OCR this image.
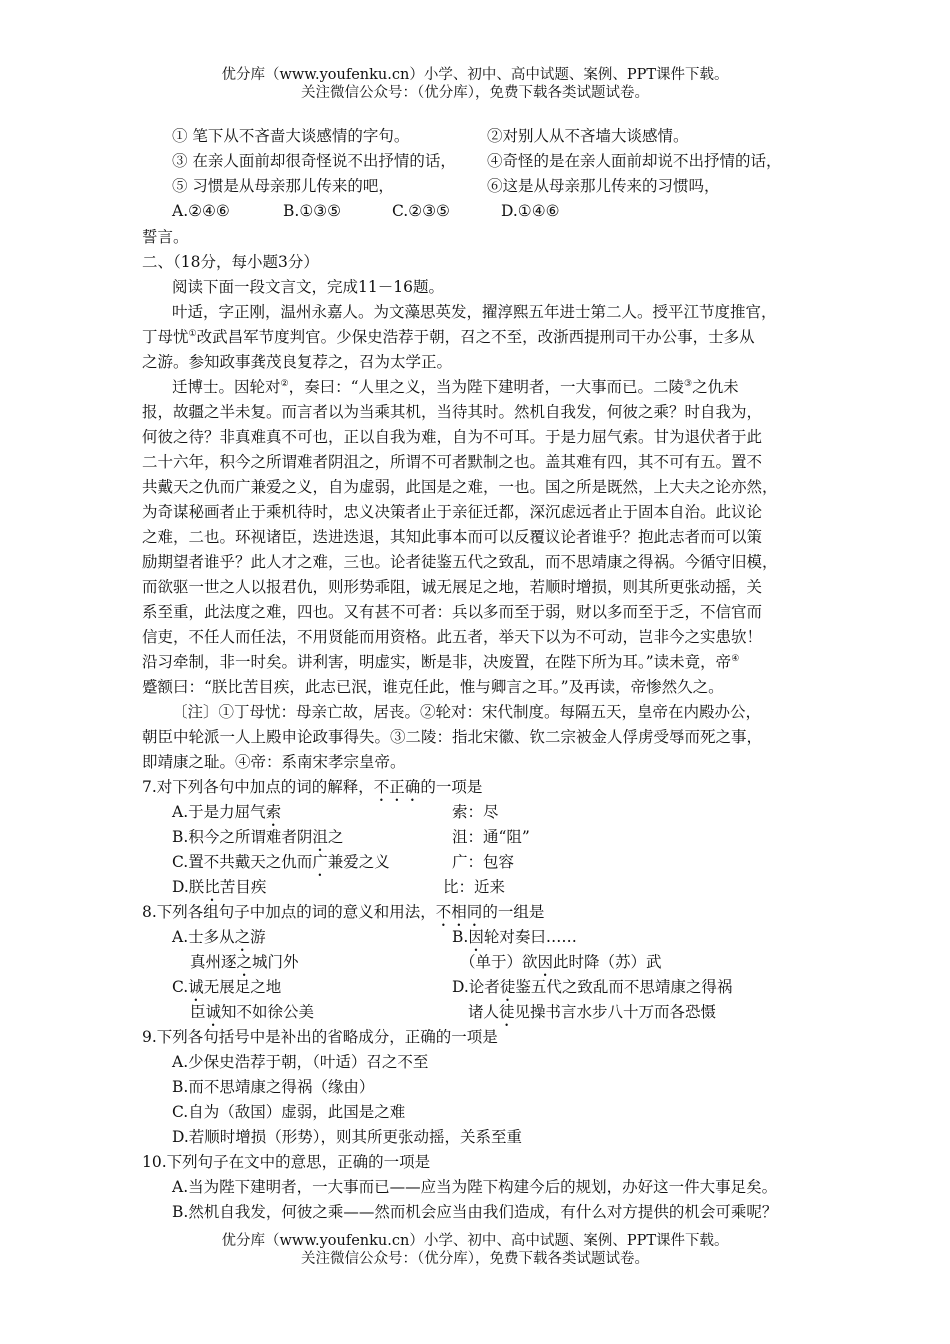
优分库（www.youfenku.cn）小学、初中、高中试题、案例、PPT课件下载。
关注微信公众号：（优分库），免费下载各类试题试卷。
① 笔下从不吝啬大谈感情的字句。	②对别人从不吝墙大谈感情。
③ 在亲人面前却很奇怪说不出抒情的话， ④奇怪的是在亲人面前却说不出抒情的话，
⑤ 习惯是从母亲那儿传来的吧，	⑥这是从母亲那儿传来的习惯吗，
A.②④⑥	B.①③⑤	C.②③⑤	D.①④⑥
誓言。
二、（18分，每小题3分）
阅读下面一段文言文，完成11－16题。
叶适，字正刚，温州永嘉人。为文藻思英发，擢淳熙五年进士第二人。授平江节度推官，
丁母忧①改武昌军节度判官。少保史浩荐于朝，召之不至，改浙西提刑司干办公事，士多从
之游。参知政事龚茂良复荐之，召为太学正。
迁博士。因轮对②，奏曰：“人里之义，当为陛下建明者，一大事而已。二陵③之仇未
报，故疆之半未复。而言者以为当乘其机，当待其时。然机自我发，何彼之乘？时自我为，
何彼之待？非真难真不可也，正以自我为难，自为不可耳。于是力屈气索。甘为退伏者于此
二十六年，积今之所谓难者阴沮之，所谓不可者默制之也。盖其难有四，其不可有五。置不
共戴天之仇而广兼爱之义，自为虚弱，此国是之难，一也。国之所是既然，上大夫之论亦然，
为奇谋秘画者止于乘机待时，忠义决策者止于亲征迁都，深沉虑远者止于固本自治。此议论
之难，二也。环视诸臣，迭进迭退，其知此事本而可以反覆议论者谁乎？抱此志者而可以策
励期望者谁乎？此人才之难，三也。论者徒鉴五代之致乱，而不思靖康之得祸。今循守旧模，
而欲驱一世之人以报君仇，则形势乖阻，诚无展足之地，若顺时增损，则其所更张动摇，关
系至重，此法度之难，四也。又有甚不可者：兵以多而至于弱，财以多而至于乏，不信官而
信吏，不任人而任法，不用贤能而用资格。此五者，举天下以为不可动，岂非今之实患欤！
沿习牵制，非一时矣。讲利害，明虚实，断是非，决废置，在陛下所为耳。”读未竟，帝④
蹙额曰：“朕比苦目疾，此志已泯，谁克任此，惟与卿言之耳。”及再读，帝惨然久之。
〔注〕①丁母忧：母亲亡故，居丧。②轮对：宋代制度。每隔五天，皇帝在内殿办公，
朝臣中轮派一人上殿申论政事得失。③二陵：指北宋徽、钦二宗被金人俘虏受辱而死之事，
即靖康之耻。④帝：系南宋孝宗皇帝。
7.对下列各句中加点的词的解释，不正确的一项是
A.于是力屈气索	索：尽
B.积今之所谓难者阴沮之	沮：通“阻”
C.置不共戴天之仇而广兼爱之义	广：包容
D.朕比苦目疾	比：近来
8.下列各组句子中加点的词的意义和用法，不相同的一组是
A.士多从之游	B.因轮对奏曰……
真州逐之城门外	（单于）欲因此时降（苏）武
C.诚无展足之地	D.论者徒鉴五代之致乱而不思靖康之得祸
臣诚知不如徐公美	诸人徒见操书言水步八十万而各恐慑
9.下列各句括号中是补出的省略成分，正确的一项是
A.少保史浩荐于朝，（叶适）召之不至
B.而不思靖康之得祸（缘由）
C.自为（敌国）虚弱，此国是之难
D.若顺时增损（形势），则其所更张动摇，关系至重
10.下列句子在文中的意思，正确的一项是
A.当为陛下建明者，一大事而已——应当为陛下构建今后的规划，办好这一件大事足矣。
B.然机自我发，何彼之乘——然而机会应当由我们造成，有什么对方提供的机会可乘呢？
优分库（www.youfenku.cn）小学、初中、高中试题、案例、PPT课件下载。
关注微信公众号：（优分库），免费下载各类试题试卷。
